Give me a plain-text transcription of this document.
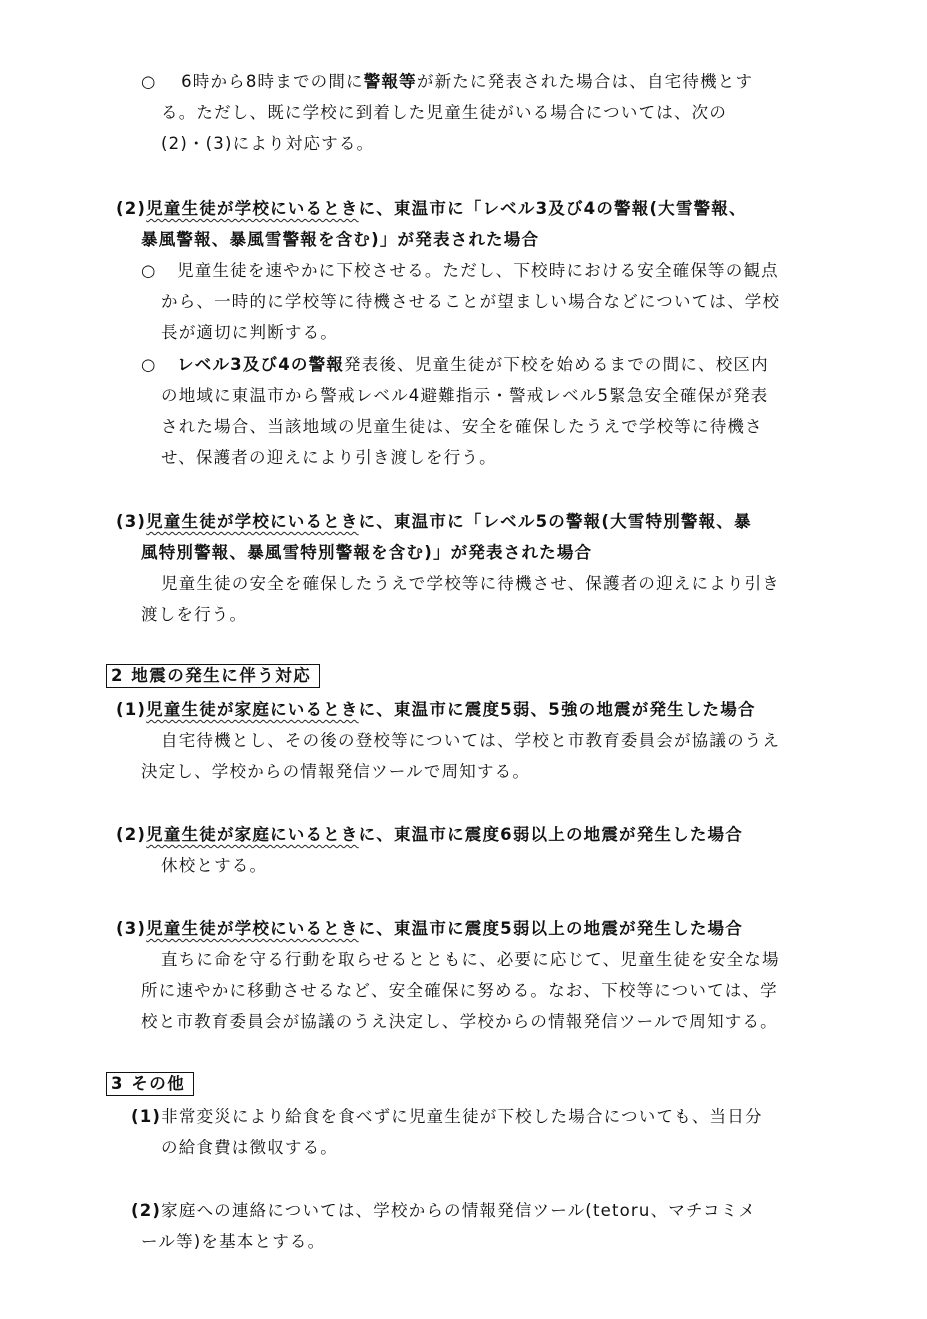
○ 6時から8時までの間に警報等が新たに発表された場合は、自宅待機とす
る。ただし、既に学校に到着した児童生徒がいる場合については、次の
(2)・(3)により対応する。
(2)児童生徒が学校にいるときに、東温市に「レベル3及び4の警報(大雪警報、
暴風警報、暴風雪警報を含む)」が発表された場合
○ 児童生徒を速やかに下校させる。ただし、下校時における安全確保等の観点
から、一時的に学校等に待機させることが望ましい場合などについては、学校
長が適切に判断する。
○ レベル3及び4の警報発表後、児童生徒が下校を始めるまでの間に、校区内
の地域に東温市から警戒レベル4避難指示・警戒レベル5緊急安全確保が発表
された場合、当該地域の児童生徒は、安全を確保したうえで学校等に待機さ
せ、保護者の迎えにより引き渡しを行う。
(3)児童生徒が学校にいるときに、東温市に「レベル5の警報(大雪特別警報、暴
風特別警報、暴風雪特別警報を含む)」が発表された場合
児童生徒の安全を確保したうえで学校等に待機させ、保護者の迎えにより引き
渡しを行う。
2 地震の発生に伴う対応
(1)児童生徒が家庭にいるときに、東温市に震度5弱、5強の地震が発生した場合
自宅待機とし、その後の登校等については、学校と市教育委員会が協議のうえ
決定し、学校からの情報発信ツールで周知する。
(2)児童生徒が家庭にいるときに、東温市に震度6弱以上の地震が発生した場合
休校とする。
(3)児童生徒が学校にいるときに、東温市に震度5弱以上の地震が発生した場合
直ちに命を守る行動を取らせるとともに、必要に応じて、児童生徒を安全な場
所に速やかに移動させるなど、安全確保に努める。なお、下校等については、学
校と市教育委員会が協議のうえ決定し、学校からの情報発信ツールで周知する。
3 その他
(1)非常変災により給食を食べずに児童生徒が下校した場合についても、当日分
の給食費は徴収する。
(2)家庭への連絡については、学校からの情報発信ツール(tetoru、マチコミメ
ール等)を基本とする。
